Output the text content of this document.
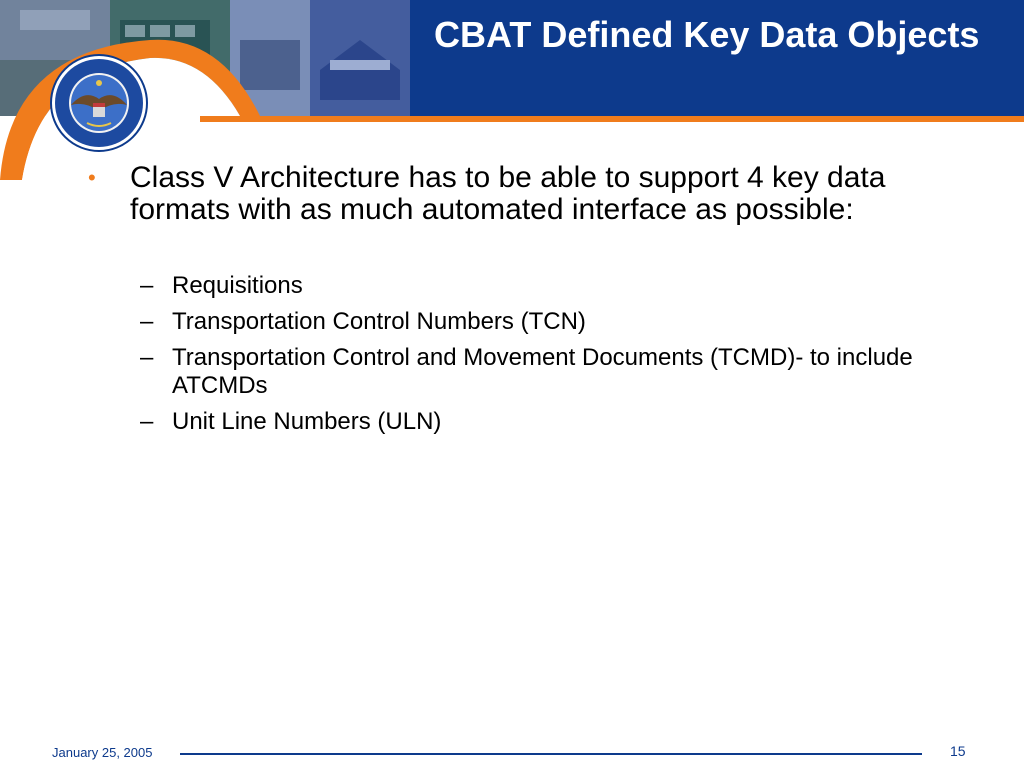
CBAT Defined Key Data Objects
•	Class V Architecture has to be able to support 4 key data formats with as much automated interface as possible:
– Requisitions
– Transportation Control Numbers (TCN)
– Transportation Control and Movement Documents (TCMD)- to include ATCMDs
– Unit Line Numbers (ULN)
January 25, 2005	15
